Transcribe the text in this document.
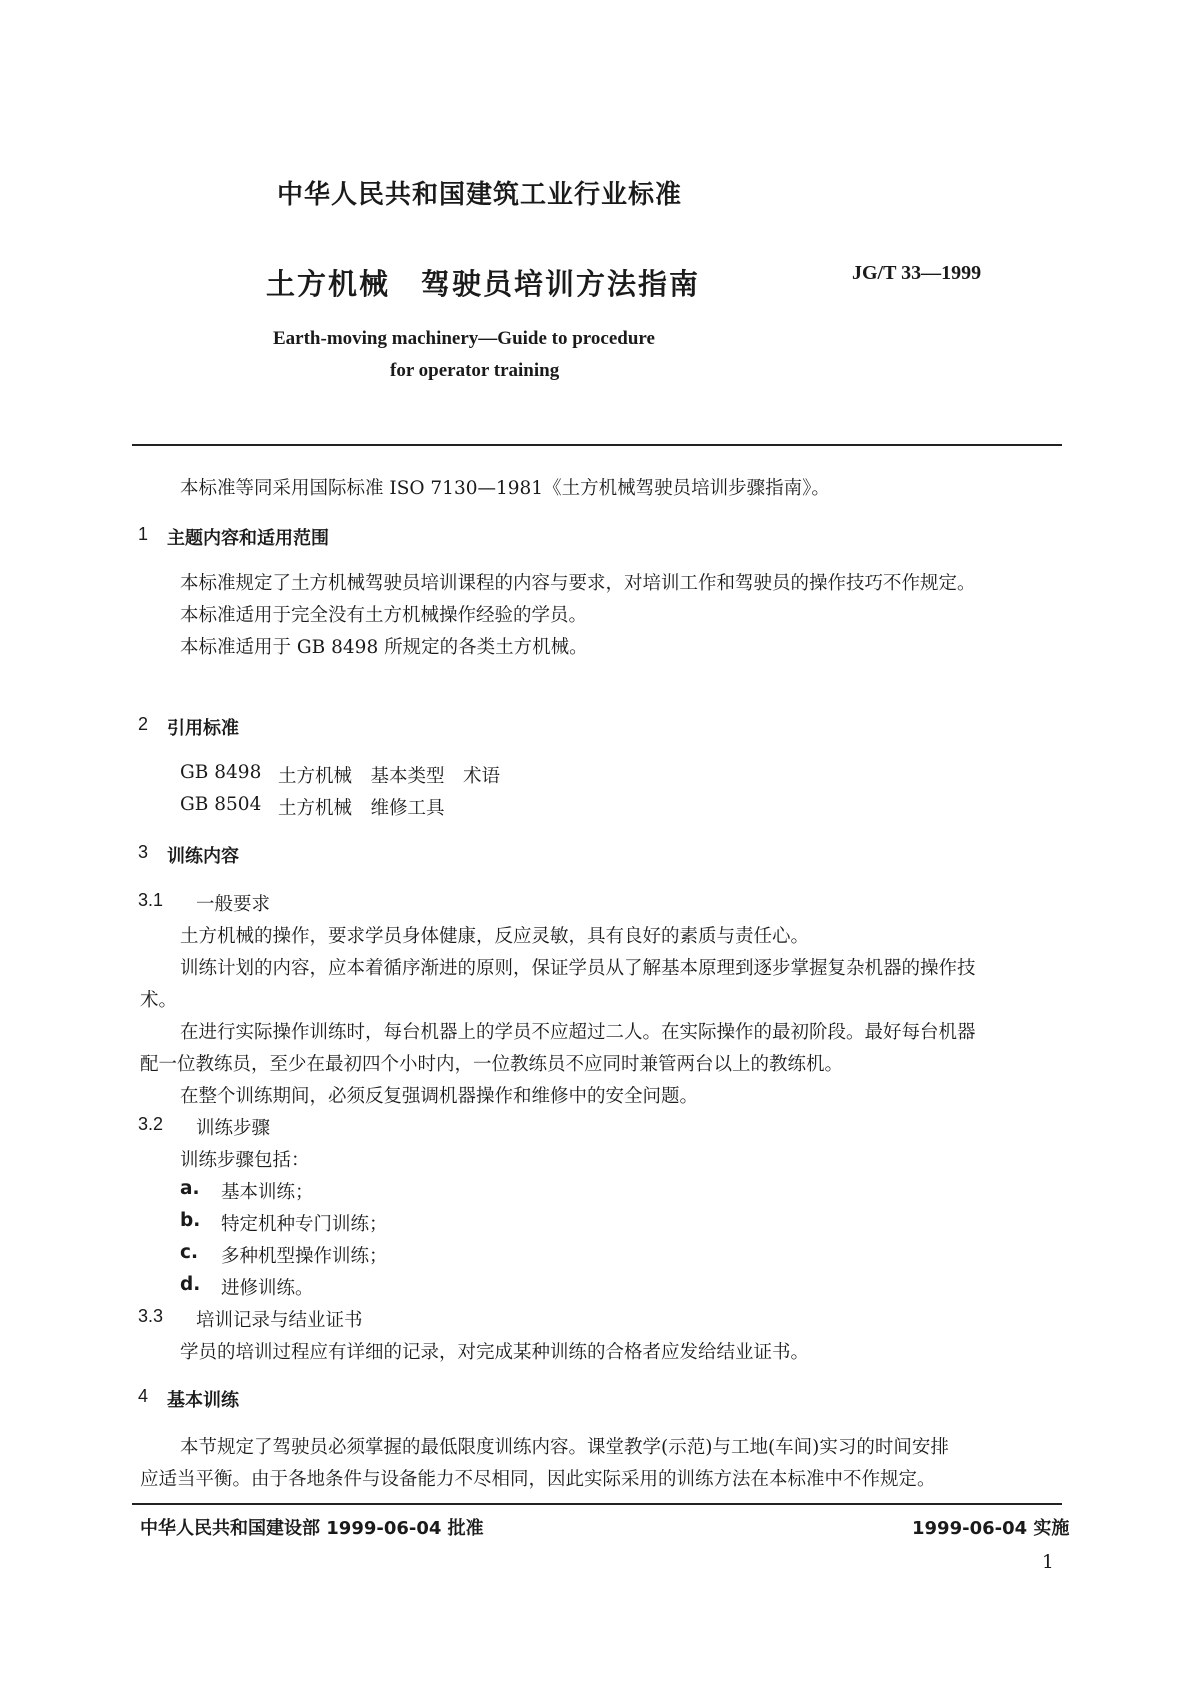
中华人民共和国建筑工业行业标准
土方机械　驾驶员培训方法指南	JG/T 33—1999
Earth-moving machinery—Guide to procedure
for operator training
本标准等同采用国际标准 ISO 7130—1981《土方机械驾驶员培训步骤指南》。
1 主题内容和适用范围
本标准规定了土方机械驾驶员培训课程的内容与要求，对培训工作和驾驶员的操作技巧不作规定。
本标准适用于完全没有土方机械操作经验的学员。
本标准适用于 GB 8498 所规定的各类土方机械。
2 引用标准
GB 8498 土方机械　基本类型　术语
GB 8504 土方机械　维修工具
3 训练内容
3.1 一般要求
土方机械的操作，要求学员身体健康，反应灵敏，具有良好的素质与责任心。
训练计划的内容，应本着循序渐进的原则，保证学员从了解基本原理到逐步掌握复杂机器的操作技
术。
在进行实际操作训练时，每台机器上的学员不应超过二人。在实际操作的最初阶段。最好每台机器
配一位教练员，至少在最初四个小时内，一位教练员不应同时兼管两台以上的教练机。
在整个训练期间，必须反复强调机器操作和维修中的安全问题。
3.2 训练步骤
训练步骤包括：
a. 基本训练；
b. 特定机种专门训练；
c. 多种机型操作训练；
d. 进修训练。
3.3 培训记录与结业证书
学员的培训过程应有详细的记录，对完成某种训练的合格者应发给结业证书。
4 基本训练
本节规定了驾驶员必须掌握的最低限度训练内容。课堂教学(示范)与工地(车间)实习的时间安排
应适当平衡。由于各地条件与设备能力不尽相同，因此实际采用的训练方法在本标准中不作规定。
中华人民共和国建设部 1999-06-04 批准	1999-06-04 实施
1
